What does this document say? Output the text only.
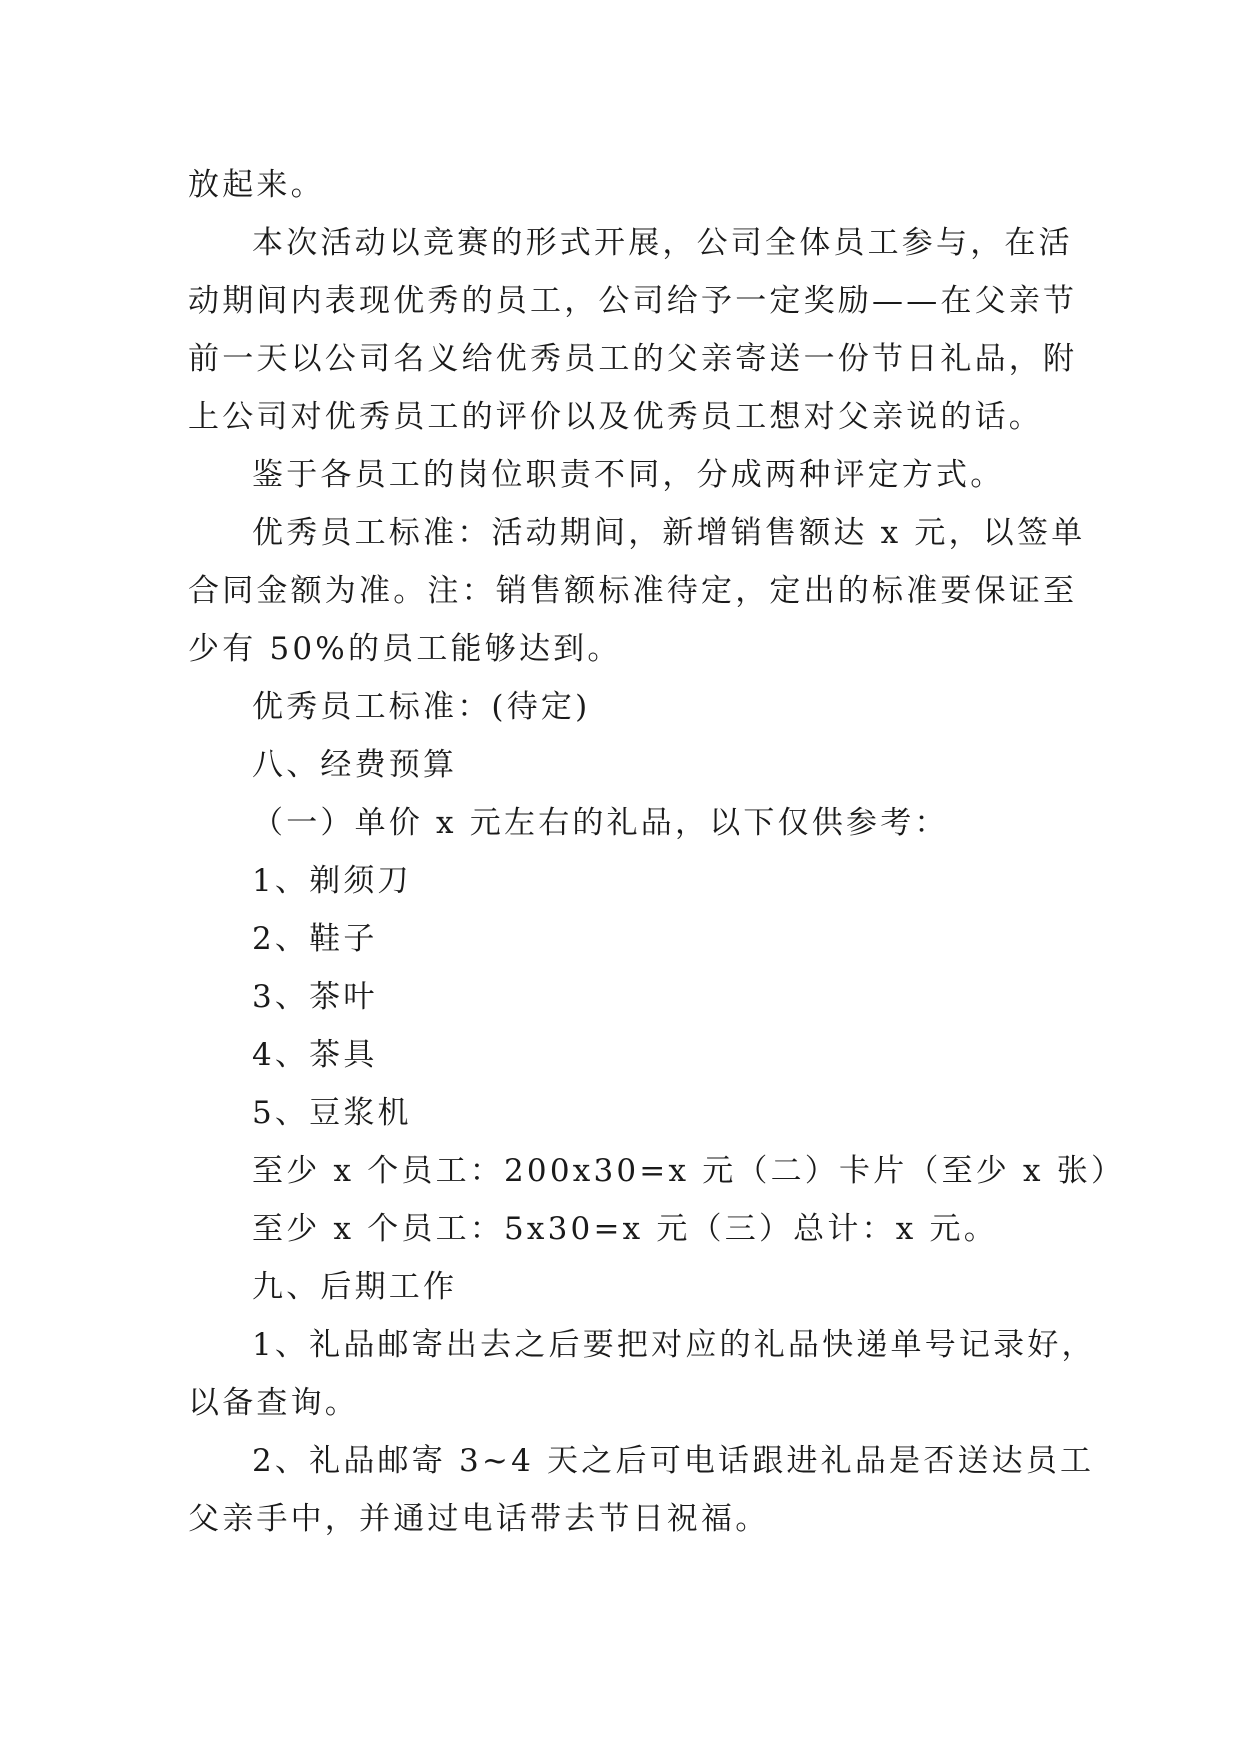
放起来。

本次活动以竞赛的形式开展，公司全体员工参与，在活

动期间内表现优秀的员工，公司给予一定奖励——在父亲节

前一天以公司名义给优秀员工的父亲寄送一份节日礼品，附

上公司对优秀员工的评价以及优秀员工想对父亲说的话。

鉴于各员工的岗位职责不同，分成两种评定方式。

优秀员工标准：活动期间，新增销售额达 x 元，以签单

合同金额为准。注：销售额标准待定，定出的标准要保证至

少有 50%的员工能够达到。

优秀员工标准：(待定)

八、经费预算

（一）单价 x 元左右的礼品，以下仅供参考：

1、剃须刀

2、鞋子

3、茶叶

4、茶具

5、豆浆机

至少 x 个员工：200x30=x 元（二）卡片（至少 x 张）

至少 x 个员工：5x30=x 元（三）总计：x 元。

九、后期工作

1、礼品邮寄出去之后要把对应的礼品快递单号记录好，

以备查询。

2、礼品邮寄 3~4 天之后可电话跟进礼品是否送达员工

父亲手中，并通过电话带去节日祝福。
